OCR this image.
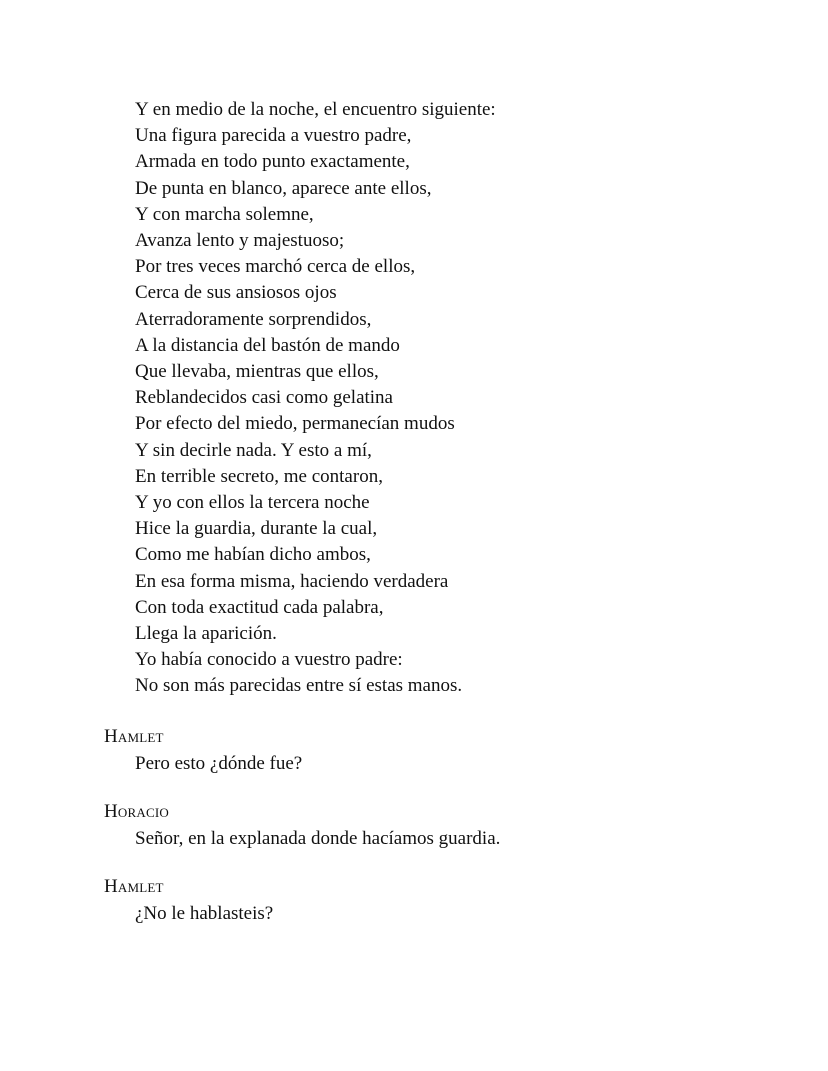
Y en medio de la noche, el encuentro siguiente:

Una figura parecida a vuestro padre,

Armada en todo punto exactamente,

De punta en blanco, aparece ante ellos,

Y con marcha solemne,

Avanza lento y majestuoso;

Por tres veces marchó cerca de ellos,

Cerca de sus ansiosos ojos

Aterradoramente sorprendidos,

A la distancia del bastón de mando

Que llevaba, mientras que ellos,

Reblandecidos casi como gelatina

Por efecto del miedo, permanecían mudos

Y sin decirle nada. Y esto a mí,

En terrible secreto, me contaron,

Y yo con ellos la tercera noche

Hice la guardia, durante la cual,

Como me habían dicho ambos,

En esa forma misma, haciendo verdadera

Con toda exactitud cada palabra,

Llega la aparición.

Yo había conocido a vuestro padre:

No son más parecidas entre sí estas manos.

Hamlet

Pero esto ¿dónde fue?

Horacio

Señor, en la explanada donde hacíamos guardia.

Hamlet

¿No le hablasteis?
